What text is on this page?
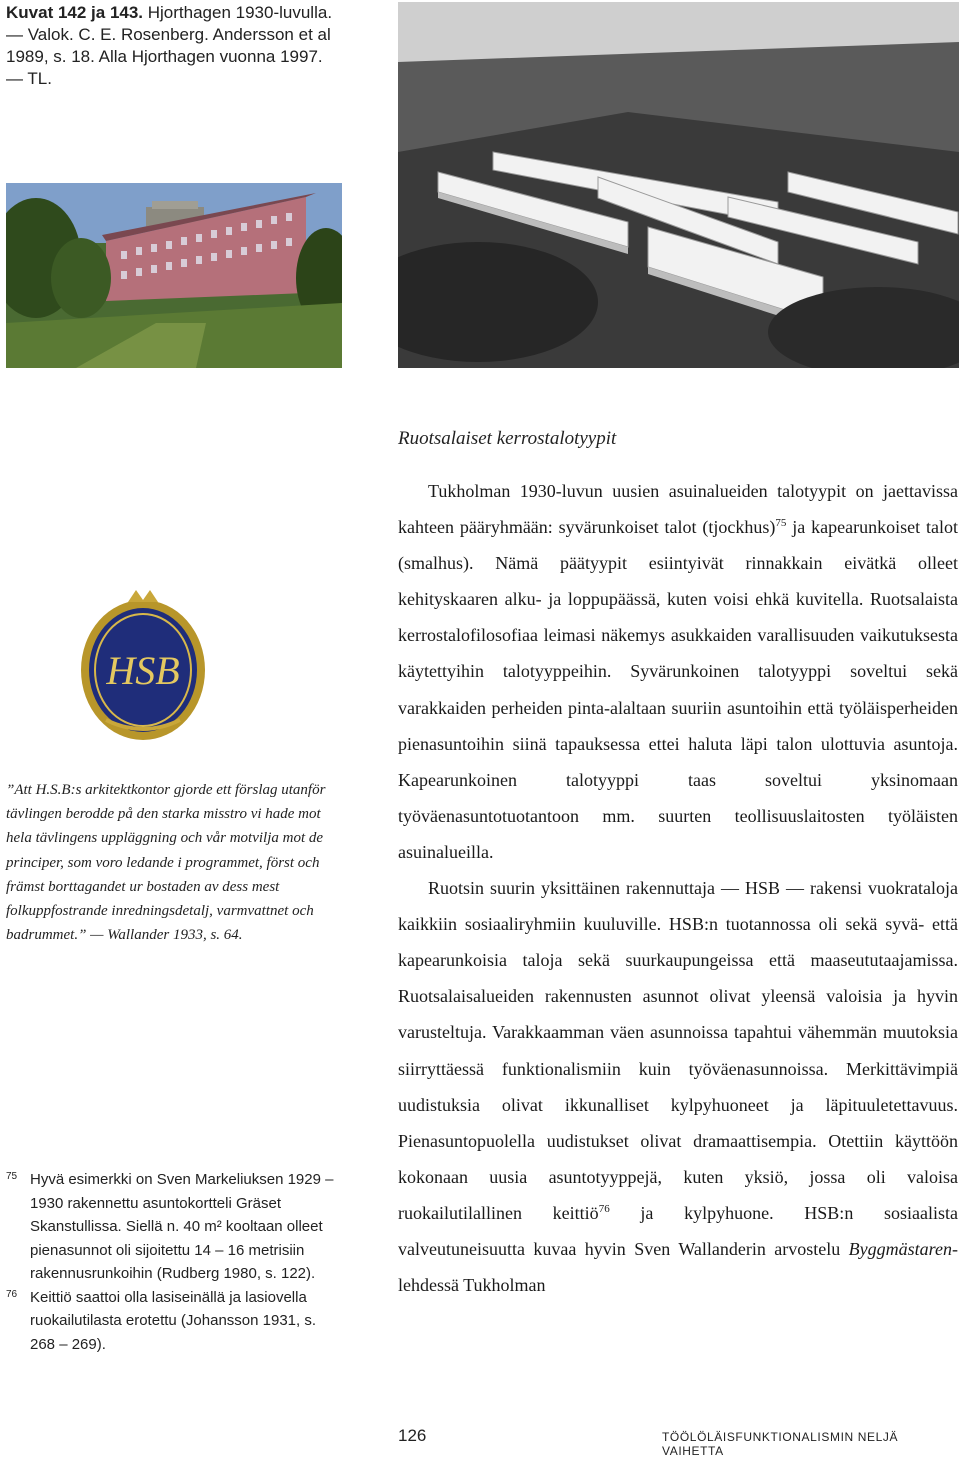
Kuvat 142 ja 143. Hjorthagen 1930-luvulla. — Valok. C. E. Rosenberg. Andersson et al 1989, s. 18. Alla Hjorthagen vuonna 1997. — TL.
HSB
”Att H.S.B:s arkitektkontor gjorde ett förslag utanför tävlingen berodde på den starka misstro vi hade mot hela tävlingens uppläggning och vår motvilja mot de principer, som voro ledande i programmet, först och främst borttagandet ur bostaden av dess mest folkuppfostrande inredningsdetalj, varmvattnet och badrummet.” — Wallander 1933, s. 64.
75 Hyvä esimerkki on Sven Markeliuksen 1929 –1930 rakennettu asuntokortteli Gräset Skanstullissa. Siellä n. 40 m² kooltaan olleet pienasunnot oli sijoitettu 14 – 16 metrisiin rakennusrunkoihin (Rudberg 1980, s. 122).
76 Keittiö saattoi olla lasiseinällä ja lasiovella ruokailutilasta erotettu (Johansson 1931, s. 268 – 269).
Ruotsalaiset kerrostalotyypit

Tukholman 1930-luvun uusien asuinalueiden talotyypit on jaettavissa kahteen pääryhmään: syvärunkoiset talot (tjockhus)$^{75}$ ja kapearunkoiset talot (smalhus). Nämä päätyypit esiintyivät rinnakkain eivätkä olleet kehityskaaren alku- ja loppupäässä, kuten voisi ehkä kuvitella. Ruotsalaista kerrostalofilosofiaa leimasi näkemys asukkaiden varallisuuden vaikutuksesta käytettyihin talotyyppeihin. Syvärunkoinen talotyyppi soveltui sekä varakkaiden perheiden pinta-alaltaan suuriin asuntoihin että työläisperheiden pienasuntoihin siinä tapauksessa ettei haluta läpi talon ulottuvia asuntoja. Kapearunkoinen talotyyppi taas soveltui yksinomaan työväenasuntotuotantoon mm. suurten teollisuuslaitosten työläisten asuinalueilla.

Ruotsin suurin yksittäinen rakennuttaja — HSB — rakensi vuokrataloja kaikkiin sosiaaliryhmiin kuuluville. HSB:n tuotannossa oli sekä syvä- että kapearunkoisia taloja sekä suurkaupungeissa että maaseututaajamissa. Ruotsalaisalueiden rakennusten asunnot olivat yleensä valoisia ja hyvin varusteltuja. Varakkaamman väen asunnoissa tapahtui vähemmän muutoksia siirryttäessä funktionalismiin kuin työväenasunnoissa. Merkittävimpiä uudistuksia olivat ikkunalliset kylpyhuoneet ja läpituuletettavuus. Pienasuntopuolella uudistukset olivat dramaattisempia. Otettiin käyttöön kokonaan uusia asuntotyyppejä, kuten yksiö, jossa oli valoisa ruokailutilallinen keittiö$^{76}$ ja kylpyhuone. HSB:n sosiaalista valveutuneisuutta kuvaa hyvin Sven Wallanderin arvostelu Byggmästaren-lehdessä Tukholman

126	TÖÖLÖLÄISFUNKTIONALISMIN NELJÄ VAIHETTA
